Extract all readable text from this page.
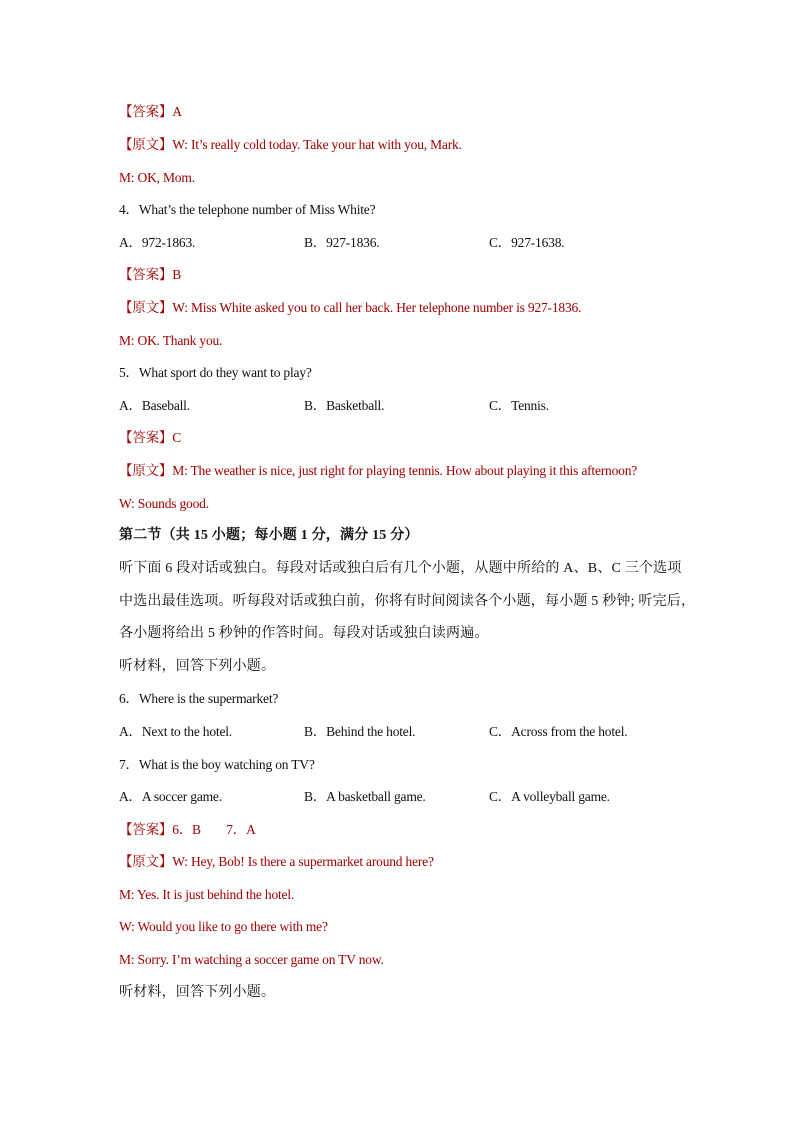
【答案】A
【原文】W: It’s really cold today. Take your hat with you, Mark.
M: OK, Mom.
4．What’s the telephone number of Miss White?
A．972-1863.	B．927-1836.	C．927-1638.
【答案】B
【原文】W: Miss White asked you to call her back. Her telephone number is 927-1836.
M: OK. Thank you.
5．What sport do they want to play?
A．Baseball.	B．Basketball.	C．Tennis.
【答案】C
【原文】M: The weather is nice, just right for playing tennis. How about playing it this afternoon?
W: Sounds good.
第二节（共 15 小题；每小题 1 分，满分 15 分）
听下面 6 段对话或独白。每段对话或独白后有几个小题，从题中所给的 A、B、C 三个选项
中选出最佳选项。听每段对话或独白前，你将有时间阅读各个小题，每小题 5 秒钟; 听完后，
各小题将给出 5 秒钟的作答时间。每段对话或独白读两遍。
听材料，回答下列小题。
6．Where is the supermarket?
A．Next to the hotel.	B．Behind the hotel.	C．Across from the hotel.
7．What is the boy watching on TV?
A．A soccer game.	B．A basketball game.	C．A volleyball game.
【答案】6．B        7．A
【原文】W: Hey, Bob! Is there a supermarket around here?
M: Yes. It is just behind the hotel.
W: Would you like to go there with me?
M: Sorry. I’m watching a soccer game on TV now.
听材料，回答下列小题。
